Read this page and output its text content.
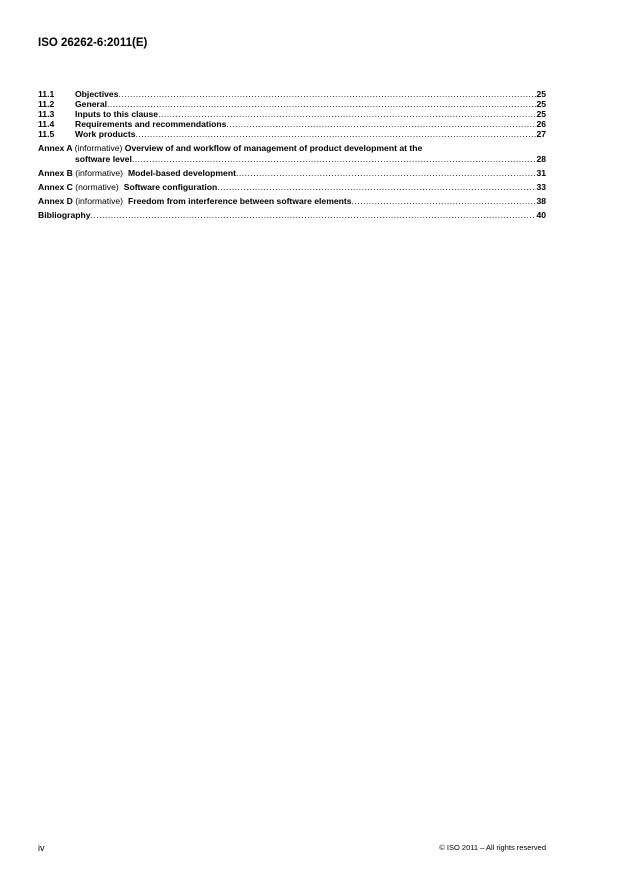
ISO 26262-6:2011(E)
11.1	Objectives .....	25
11.2	General .....	25
11.3	Inputs to this clause .....	25
11.4	Requirements and recommendations .....	26
11.5	Work products .....	27
Annex A (informative) Overview of and workflow of management of product development at the
software level .....	28
Annex B
(informative) Model-based development .....	31
Annex C
(normative) Software configuration .....	33
Annex D
(informative) Freedom from interference between software elements .....	38
Bibliography .....	40
iv	© ISO 2011 – All rights reserved
